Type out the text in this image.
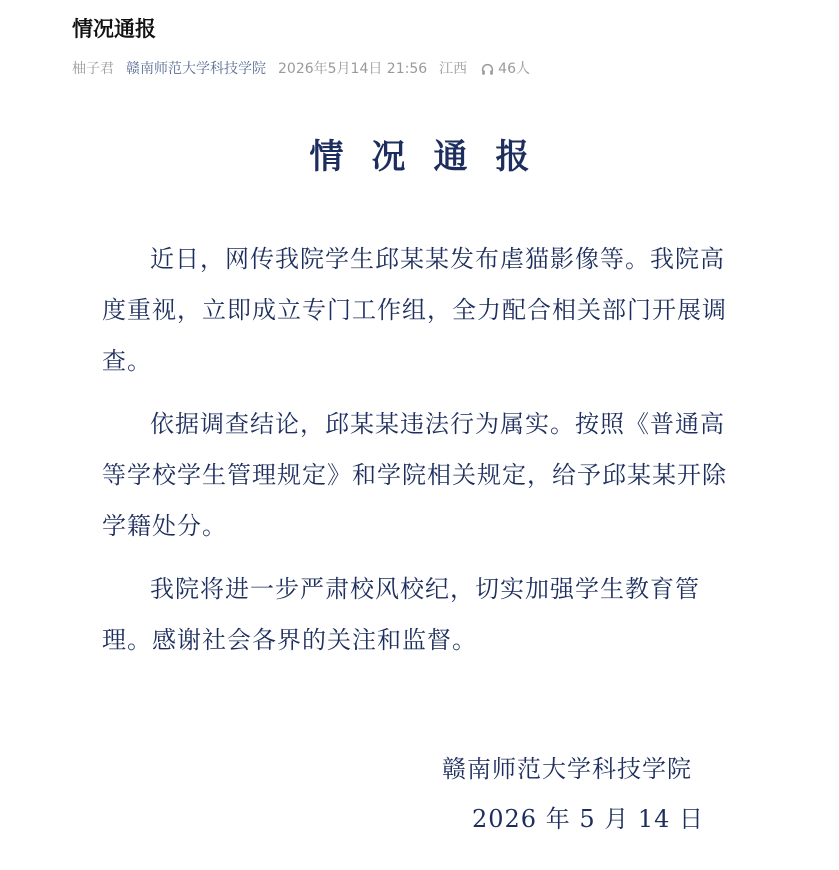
情况通报
柚子君 赣南师范大学科技学院 2026年5月14日 21:56 江西 46人
情况通报

近日，网传我院学生邱某某发布虐猫影像等。我院高度重视，立即成立专门工作组，全力配合相关部门开展调查。

依据调查结论，邱某某违法行为属实。按照《普通高等学校学生管理规定》和学院相关规定，给予邱某某开除学籍处分。

我院将进一步严肃校风校纪，切实加强学生教育管理。感谢社会各界的关注和监督。

赣南师范大学科技学院
2026 年 5 月 14 日
